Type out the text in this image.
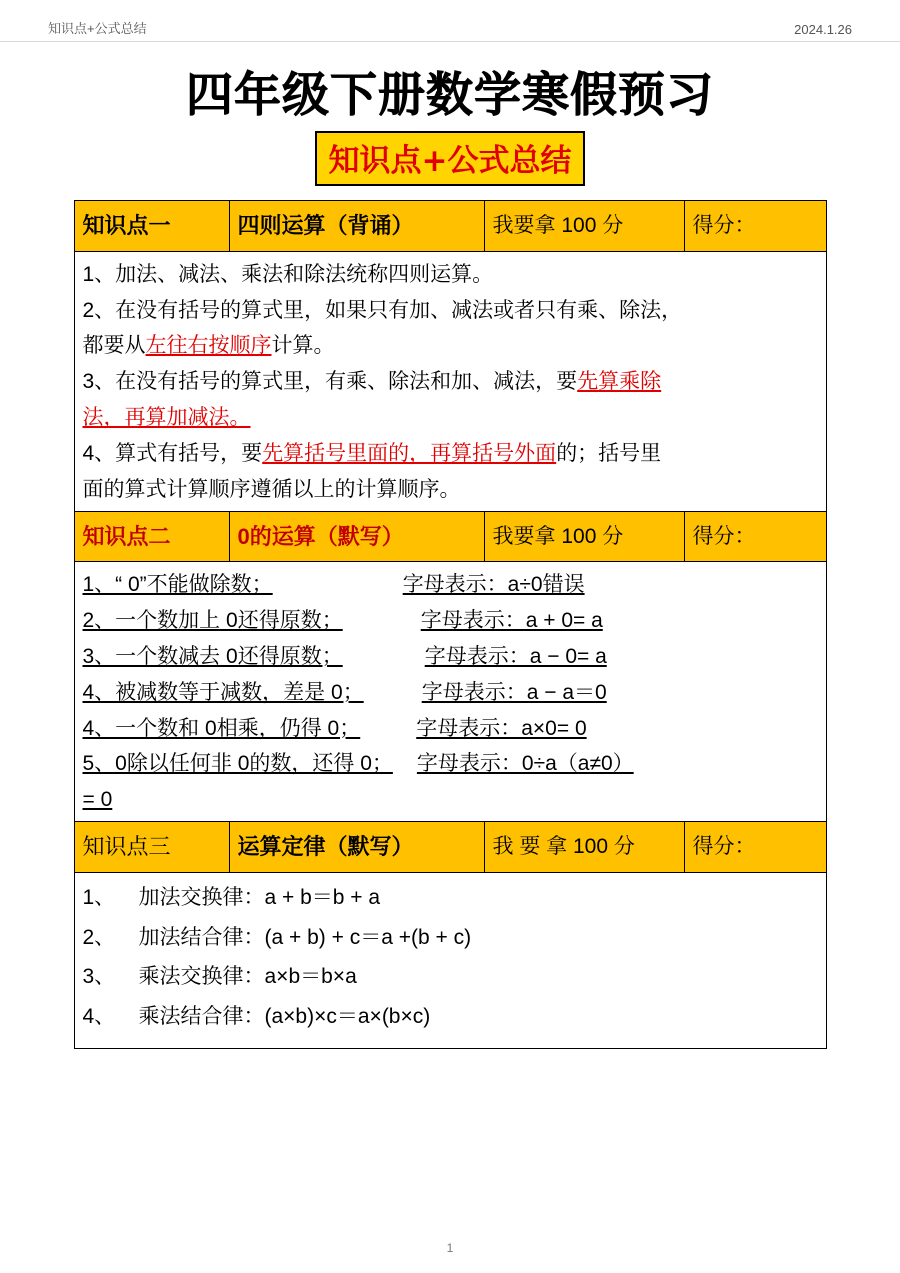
知识点+公式总结	2024.1.26
四年级下册数学寒假预习
知识点+公式总结
知识点一	四则运算（背诵）	我要拿 100 分	得分：

1、加法、减法、乘法和除法统称四则运算。
2、在没有括号的算式里，如果只有加、减法或者只有乘、除法，
都要从左往右按顺序计算。
3、在没有括号的算式里，有乘、除法和加、减法，要先算乘除
法，再算加减法。
4、算式有括号，要先算括号里面的，再算括号外面的；括号里
面的算式计算顺序遵循以上的计算顺序。

知识点二	0的运算（默写）	我要拿 100 分	得分：

1、“ 0”不能做除数；	字母表示：a÷0错误
2、一个数加上 0还得原数；	字母表示：a + 0= a
3、一个数减去 0还得原数；	字母表示：a − 0= a
4、被减数等于减数，差是 0；	字母表示：a − a＝0
4、一个数和 0相乘，仍得 0；	字母表示：a×0= 0
5、0除以任何非 0的数，还得 0； 字母表示：0÷a（a≠0）
= 0

知识点三	运算定律（默写）	我 要 拿 100 分	得分：

1、 加法交换律：a + b＝b + a
2、 加法结合律：(a + b) + c＝a +(b + c)
3、 乘法交换律：a×b＝b×a
4、 乘法结合律：(a×b)×c＝a×(b×c)			
1
